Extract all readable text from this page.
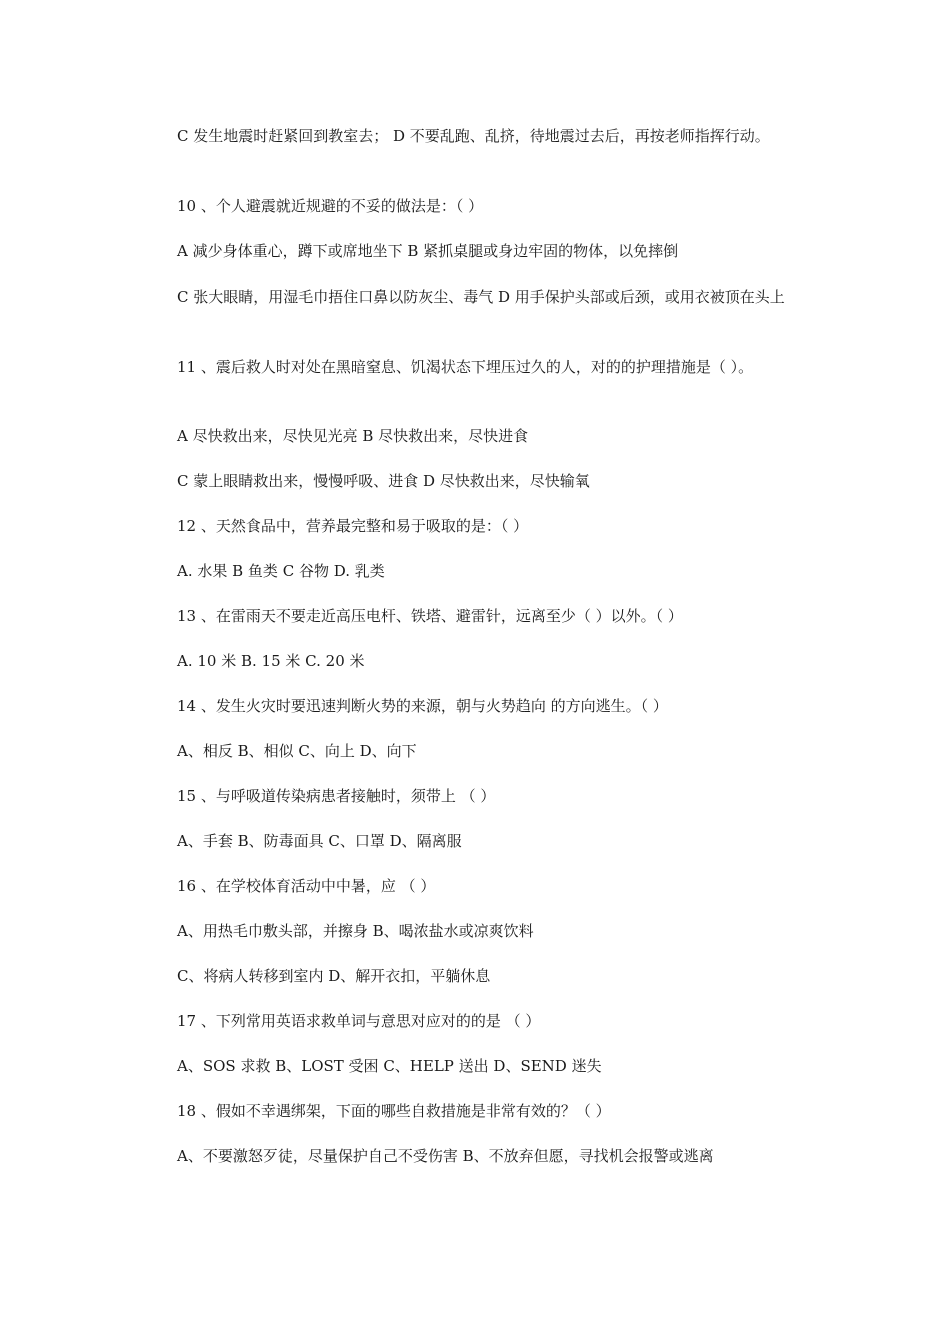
C 发生地震时赶紧回到教室去； D 不要乱跑、乱挤，待地震过去后，再按老师指挥行动。

10 、个人避震就近规避的不妥的做法是：（ ）

A 减少身体重心，蹲下或席地坐下 B 紧抓桌腿或身边牢固的物体，以免摔倒

C 张大眼睛，用湿毛巾捂住口鼻以防灰尘、毒气 D 用手保护头部或后颈，或用衣被顶在头上

11 、震后救人时对处在黑暗窒息、饥渴状态下埋压过久的人，对的的护理措施是（ ）。

A 尽快救出来，尽快见光亮 B 尽快救出来，尽快进食

C 蒙上眼睛救出来，慢慢呼吸、进食 D 尽快救出来，尽快输氧

12 、天然食品中，营养最完整和易于吸取的是：（ ）

A. 水果 B 鱼类 C 谷物 D. 乳类

13 、在雷雨天不要走近高压电杆、铁塔、避雷针，远离至少（ ）以外。（ ）

A. 10 米 B. 15 米 C. 20 米

14 、发生火灾时要迅速判断火势的来源，朝与火势趋向 的方向逃生。（ ）

A、相反 B、相似 C、向上 D、向下

15 、与呼吸道传染病患者接触时，须带上 （ ）

A、手套 B、防毒面具 C、口罩 D、隔离服

16 、在学校体育活动中中暑，应 （ ）

A、用热毛巾敷头部，并擦身 B、喝浓盐水或凉爽饮料

C、将病人转移到室内 D、解开衣扣，平躺休息

17 、下列常用英语求救单词与意思对应对的的是 （ ）

A、SOS 求救 B、LOST 受困 C、HELP 送出 D、SEND 迷失

18 、假如不幸遇绑架，下面的哪些自救措施是非常有效的？（ ）

A、不要激怒歹徒，尽量保护自己不受伤害 B、不放弃但愿，寻找机会报警或逃离
